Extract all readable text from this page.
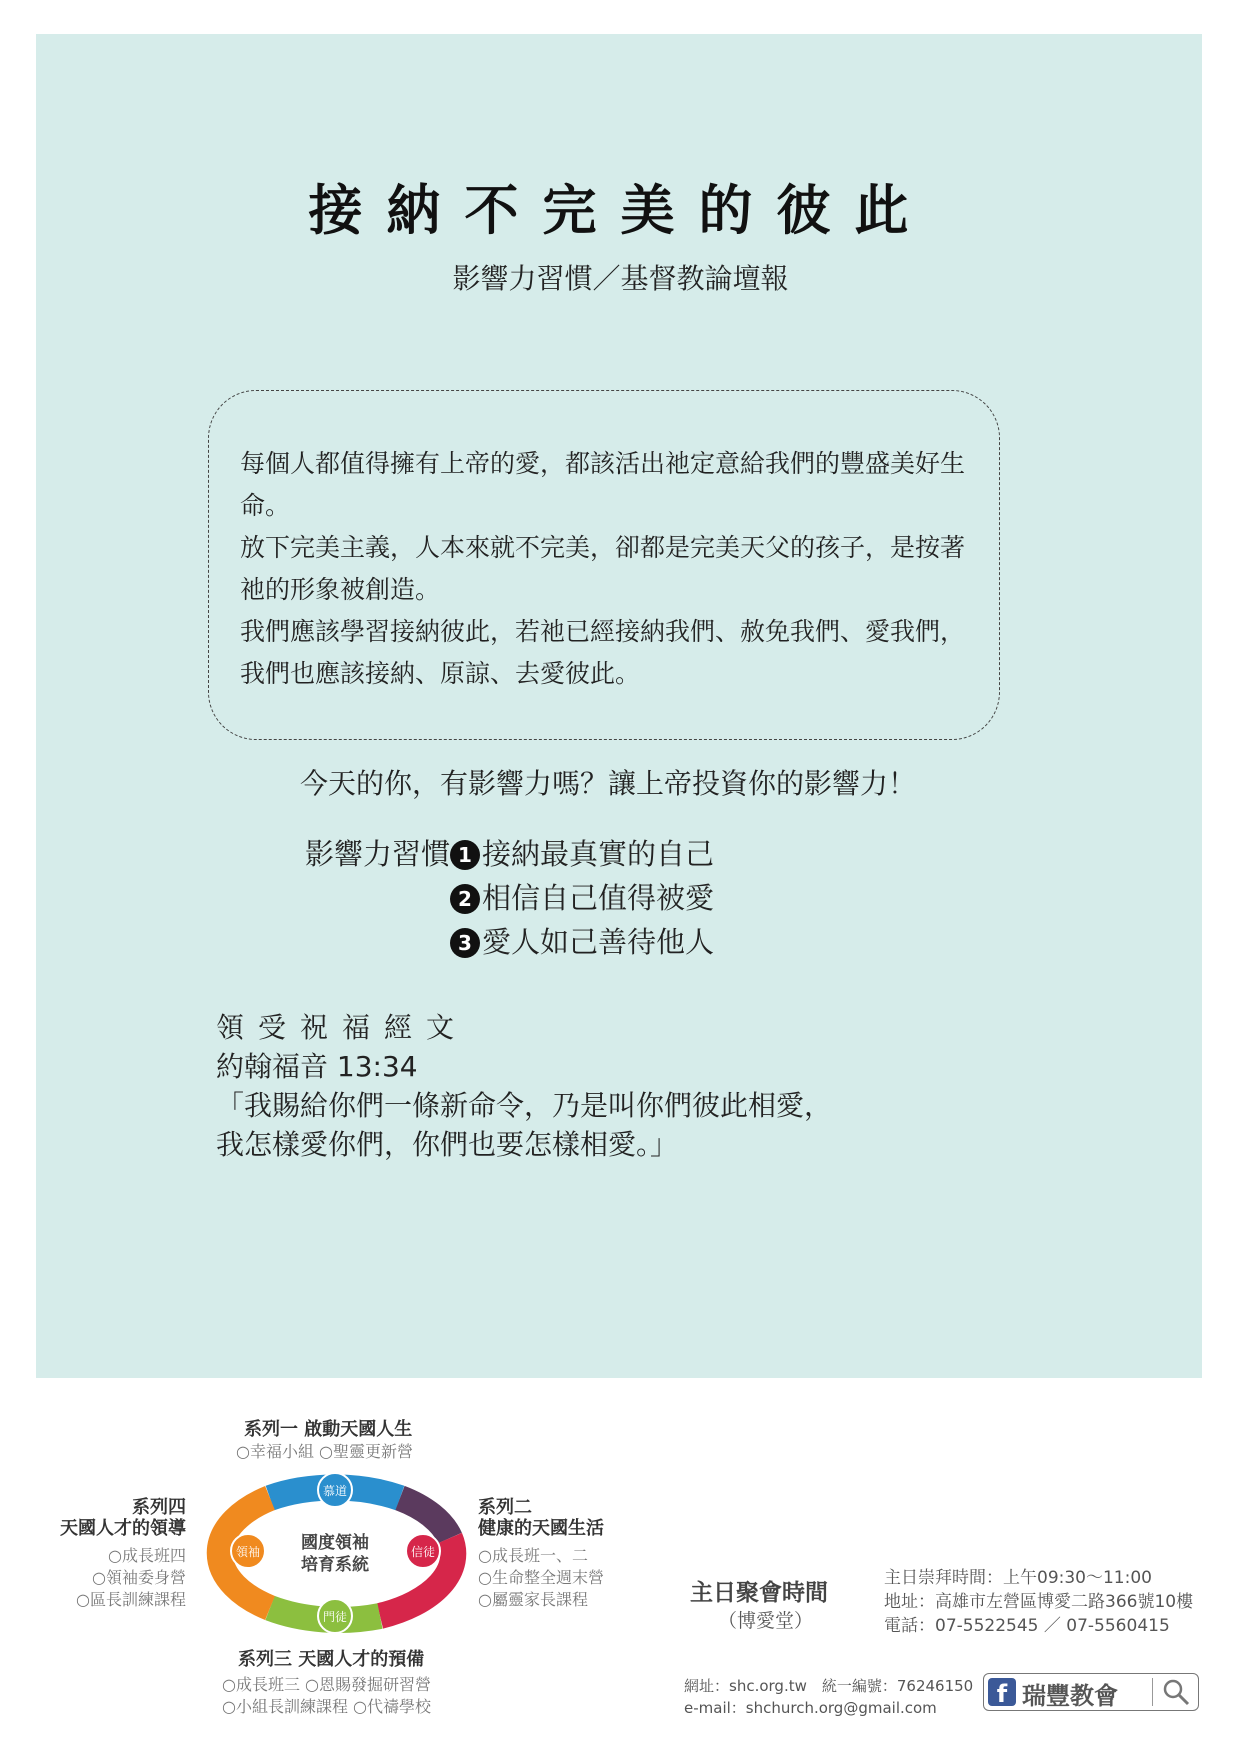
接納不完美的彼此
影響力習慣／基督教論壇報

每個人都值得擁有上帝的愛，都該活出祂定意給我們的豐盛美好生命。

放下完美主義，人本來就不完美，卻都是完美天父的孩子，是按著祂的形象被創造。

我們應該學習接納彼此，若祂已經接納我們、赦免我們、愛我們，我們也應該接納、原諒、去愛彼此。

今天的你，有影響力嗎？讓上帝投資你的影響力！
影響力習慣 1 接納最真實的自己
2 相信自己值得被愛
3 愛人如己善待他人
領受祝福經文
約翰福音 13:34
「我賜給你們一條新命令，乃是叫你們彼此相愛，
我怎樣愛你們，你們也要怎樣相愛。」
慕道
信徒
門徒
領袖 國度領袖
培育系統
系列一 啟動天國人生
○幸福小組 ○聖靈更新營
系列四
天國人才的領導
○成長班四
○領袖委身營
○區長訓練課程
系列二
健康的天國生活
○成長班一、二
○生命整全週末營
○屬靈家長課程
系列三 天國人才的預備
○成長班三 ○恩賜發掘研習營
○小組長訓練課程 ○代禱學校
主日聚會時間
（博愛堂）
主日崇拜時間：上午09:30～11:00
地址：高雄市左營區博愛二路366號10樓
電話：07-5522545 ／ 07-5560415
網址：shc.org.tw　統一編號：76246150
e-mail：shchurch.org@gmail.com	f 瑞豐教會
